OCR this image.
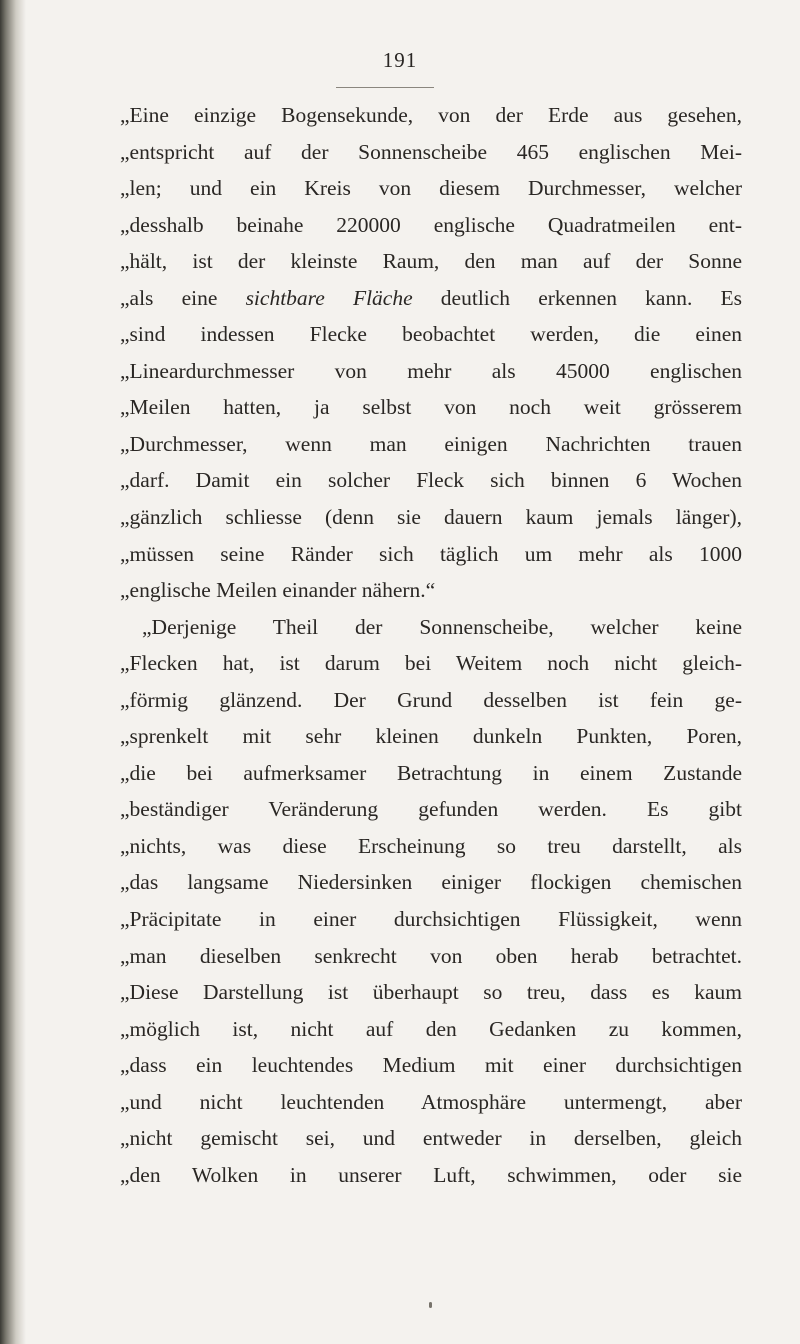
191
„Eine einzige Bogensekunde, von der Erde aus gesehen,
„entspricht auf der Sonnenscheibe 465 englischen Mei-
„len; und ein Kreis von diesem Durchmesser, welcher
„desshalb beinahe 220000 englische Quadratmeilen ent-
„hält, ist der kleinste Raum, den man auf der Sonne
„als eine sichtbare Fläche deutlich erkennen kann. Es
„sind indessen Flecke beobachtet werden, die einen
„Lineardurchmesser von mehr als 45000 englischen
„Meilen hatten, ja selbst von noch weit grösserem
„Durchmesser, wenn man einigen Nachrichten trauen
„darf. Damit ein solcher Fleck sich binnen 6 Wochen
„gänzlich schliesse (denn sie dauern kaum jemals länger),
„müssen seine Ränder sich täglich um mehr als 1000
„englische Meilen einander nähern.“
„Derjenige Theil der Sonnenscheibe, welcher keine
„Flecken hat, ist darum bei Weitem noch nicht gleich-
„förmig glänzend. Der Grund desselben ist fein ge-
„sprenkelt mit sehr kleinen dunkeln Punkten, Poren,
„die bei aufmerksamer Betrachtung in einem Zustande
„beständiger Veränderung gefunden werden. Es gibt
„nichts, was diese Erscheinung so treu darstellt, als
„das langsame Niedersinken einiger flockigen chemischen
„Präcipitate in einer durchsichtigen Flüssigkeit, wenn
„man dieselben senkrecht von oben herab betrachtet.
„Diese Darstellung ist überhaupt so treu, dass es kaum
„möglich ist, nicht auf den Gedanken zu kommen,
„dass ein leuchtendes Medium mit einer durchsichtigen
„und nicht leuchtenden Atmosphäre untermengt, aber
„nicht gemischt sei, und entweder in derselben, gleich
„den Wolken in unserer Luft, schwimmen, oder sie
